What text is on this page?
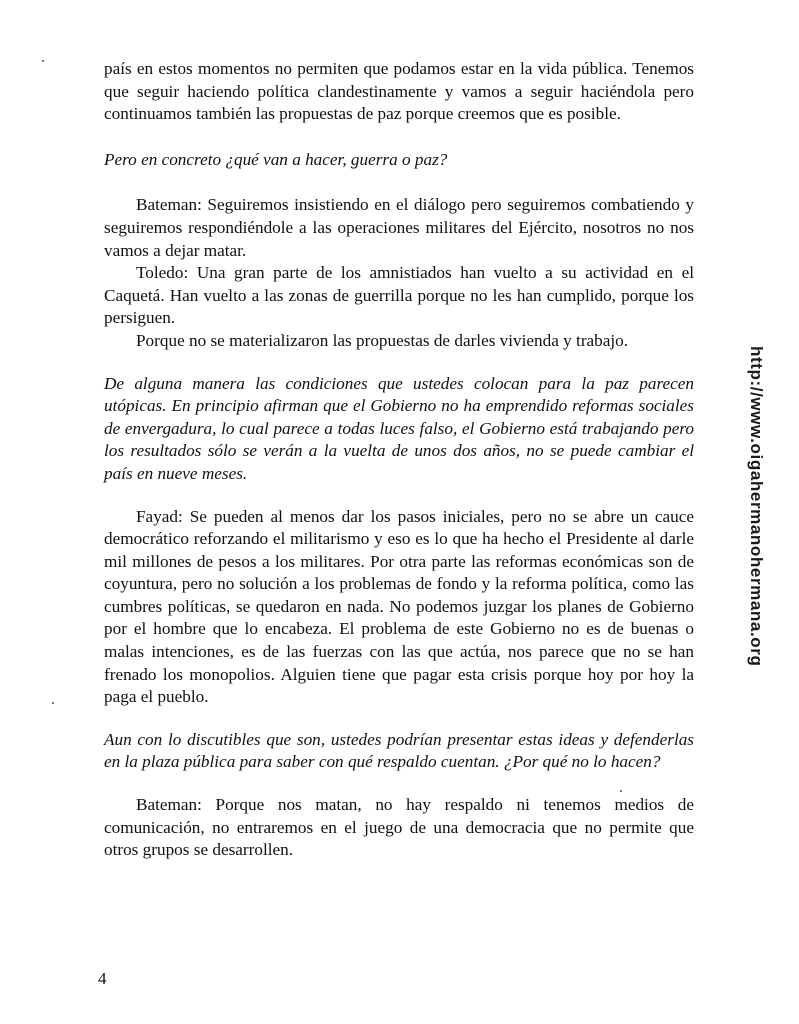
país en estos momentos no permiten que podamos estar en la vida pública. Tenemos que seguir haciendo política clandestinamente y vamos a seguir haciéndola pero continuamos también las propuestas de paz porque creemos que es posible.

Pero en concreto ¿qué van a hacer, guerra o paz?

Bateman: Seguiremos insistiendo en el diálogo pero seguiremos combatiendo y seguiremos respondiéndole a las operaciones militares del Ejército, nosotros no nos vamos a dejar matar.

Toledo: Una gran parte de los amnistiados han vuelto a su actividad en el Caquetá. Han vuelto a las zonas de guerrilla porque no les han cumplido, porque los persiguen.

Porque no se materializaron las propuestas de darles vivienda y trabajo.

De alguna manera las condiciones que ustedes colocan para la paz parecen utópicas. En principio afirman que el Gobierno no ha emprendido reformas sociales de envergadura, lo cual parece a todas luces falso, el Gobierno está trabajando pero los resultados sólo se verán a la vuelta de unos dos años, no se puede cambiar el país en nueve meses.

Fayad: Se pueden al menos dar los pasos iniciales, pero no se abre un cauce democrático reforzando el militarismo y eso es lo que ha hecho el Presidente al darle mil millones de pesos a los militares. Por otra parte las reformas económicas son de coyuntura, pero no solución a los problemas de fondo y la reforma política, como las cumbres políticas, se quedaron en nada. No podemos juzgar los planes de Gobierno por el hombre que lo encabeza. El problema de este Gobierno no es de buenas o malas intenciones, es de las fuerzas con las que actúa, nos parece que no se han frenado los monopolios. Alguien tiene que pagar esta crisis porque hoy por hoy la paga el pueblo.

Aun con lo discutibles que son, ustedes podrían presentar estas ideas y defenderlas en la plaza pública para saber con qué respaldo cuentan. ¿Por qué no lo hacen?

Bateman: Porque nos matan, no hay respaldo ni tenemos medios de comunicación, no entraremos en el juego de una democracia que no permite que otros grupos se desarrollen.

4

http://www.oigahermanohermana.org
